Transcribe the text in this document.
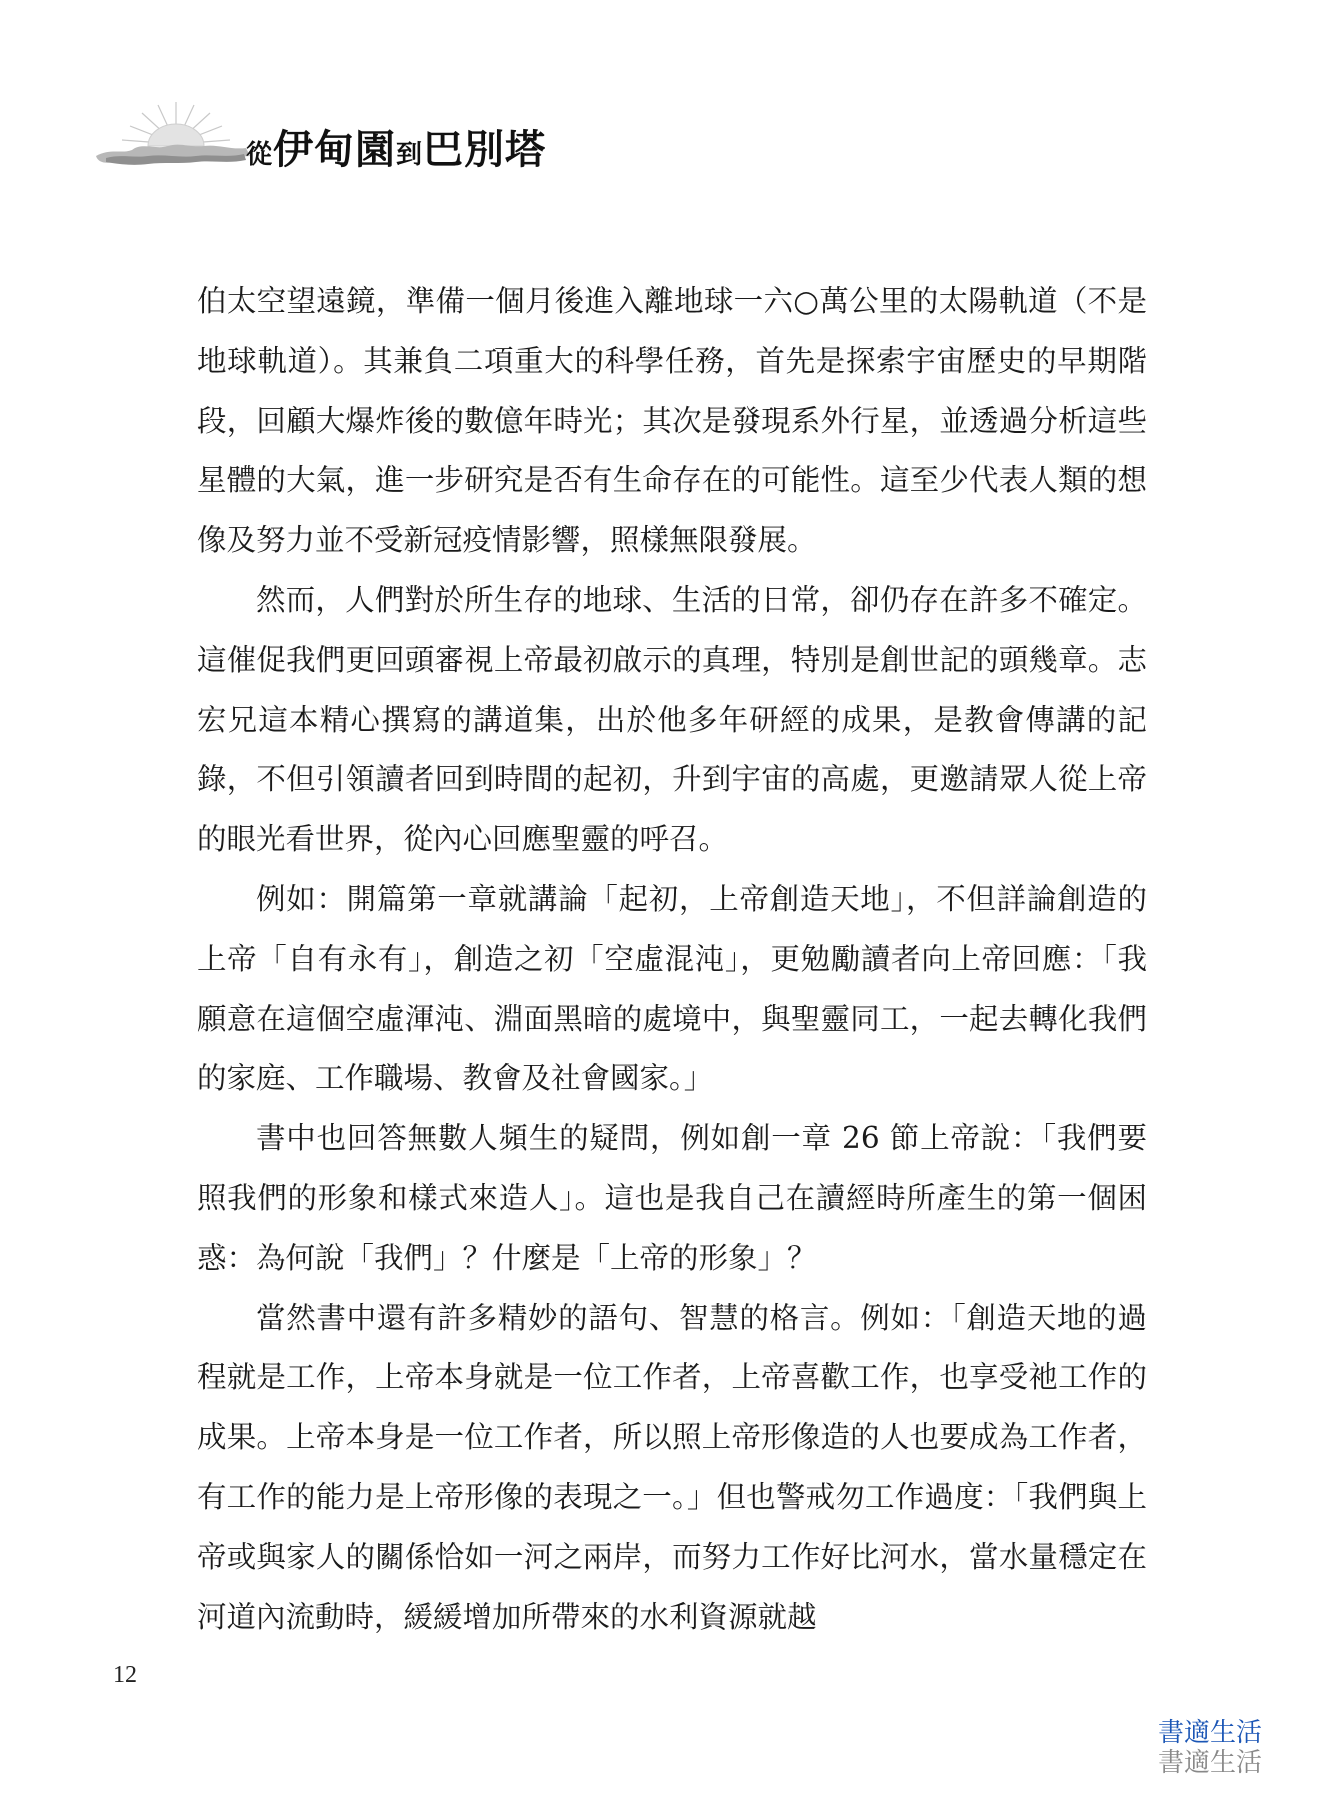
從伊甸園到巴別塔

伯太空望遠鏡，準備一個月後進入離地球一六○萬公里的太陽軌道（不是地球軌道）。其兼負二項重大的科學任務，首先是探索宇宙歷史的早期階段，回顧大爆炸後的數億年時光；其次是發現系外行星，並透過分析這些星體的大氣，進一步研究是否有生命存在的可能性。這至少代表人類的想像及努力並不受新冠疫情影響，照樣無限發展。

然而，人們對於所生存的地球、生活的日常，卻仍存在許多不確定。這催促我們更回頭審視上帝最初啟示的真理，特別是創世記的頭幾章。志宏兄這本精心撰寫的講道集，出於他多年研經的成果，是教會傳講的記錄，不但引領讀者回到時間的起初，升到宇宙的高處，更邀請眾人從上帝的眼光看世界，從內心回應聖靈的呼召。

例如：開篇第一章就講論「起初，上帝創造天地」，不但詳論創造的上帝「自有永有」，創造之初「空虛混沌」，更勉勵讀者向上帝回應：「我願意在這個空虛渾沌、淵面黑暗的處境中，與聖靈同工，一起去轉化我們的家庭、工作職場、教會及社會國家。」

書中也回答無數人頻生的疑問，例如創一章 26 節上帝說：「我們要照我們的形象和樣式來造人」。這也是我自己在讀經時所產生的第一個困惑：為何說「我們」？什麼是「上帝的形象」？

當然書中還有許多精妙的語句、智慧的格言。例如：「創造天地的過程就是工作，上帝本身就是一位工作者，上帝喜歡工作，也享受祂工作的成果。上帝本身是一位工作者，所以照上帝形像造的人也要成為工作者，有工作的能力是上帝形像的表現之一。」但也警戒勿工作過度：「我們與上帝或與家人的關係恰如一河之兩岸，而努力工作好比河水，當水量穩定在河道內流動時，緩緩增加所帶來的水利資源就越

12
書適生活
書適生活
